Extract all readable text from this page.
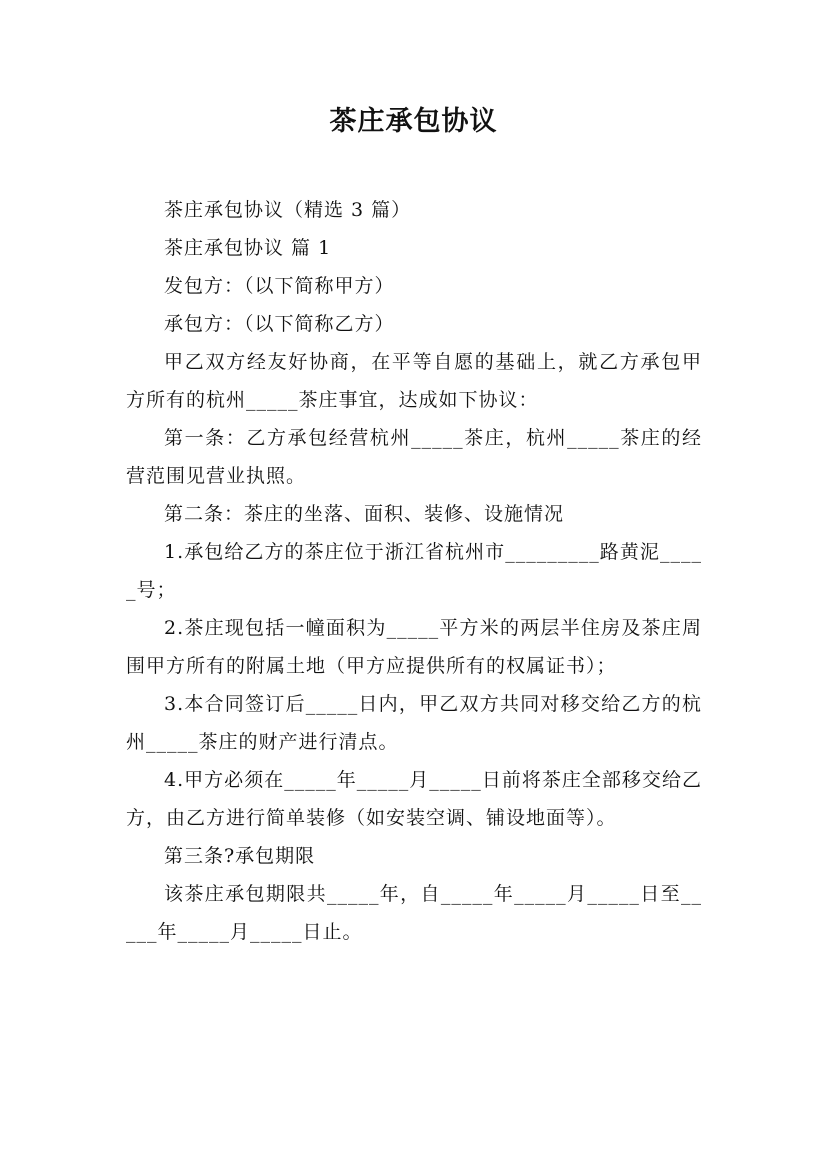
茶庄承包协议

茶庄承包协议（精选 3 篇）

茶庄承包协议 篇 1

发包方：（以下简称甲方）

承包方：（以下简称乙方）

甲乙双方经友好协商，在平等自愿的基础上，就乙方承包甲方所有的杭州_____茶庄事宜，达成如下协议：

第一条：乙方承包经营杭州_____茶庄，杭州_____茶庄的经营范围见营业执照。

第二条：茶庄的坐落、面积、装修、设施情况

1.承包给乙方的茶庄位于浙江省杭州市_________路黄泥_____号；

2.茶庄现包括一幢面积为_____平方米的两层半住房及茶庄周围甲方所有的附属土地（甲方应提供所有的权属证书）；

3.本合同签订后_____日内，甲乙双方共同对移交给乙方的杭州_____茶庄的财产进行清点。

4.甲方必须在_____年_____月_____日前将茶庄全部移交给乙方，由乙方进行简单装修（如安装空调、铺设地面等）。

第三条?承包期限

该茶庄承包期限共_____年，自_____年_____月_____日至_____年_____月_____日止。
